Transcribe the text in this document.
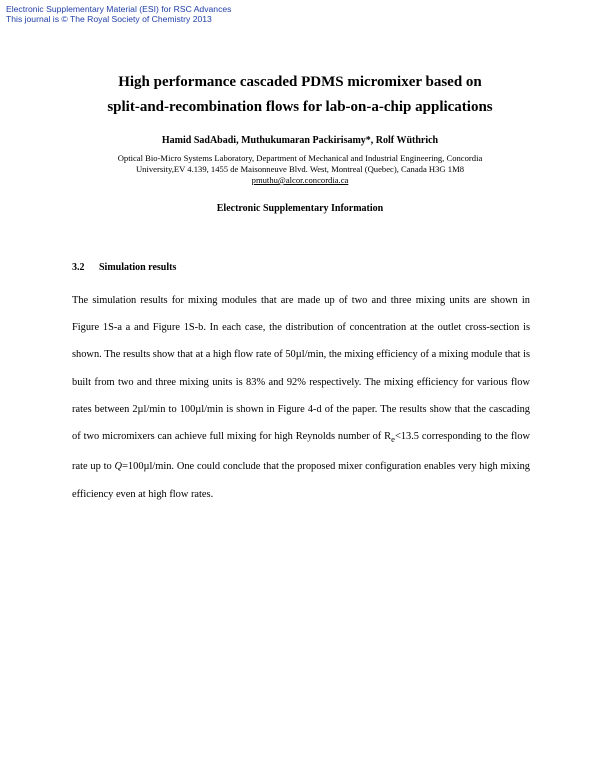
Electronic Supplementary Material (ESI) for RSC Advances
This journal is © The Royal Society of Chemistry 2013
High performance cascaded PDMS micromixer based on
split-and-recombination flows for lab-on-a-chip applications
Hamid SadAbadi, Muthukumaran Packirisamy*, Rolf Wüthrich
Optical Bio-Micro Systems Laboratory, Department of Mechanical and Industrial Engineering, Concordia
University,EV 4.139, 1455 de Maisonneuve Blvd. West, Montreal (Quebec), Canada H3G 1M8
pmuthu@alcor.concordia.ca
Electronic Supplementary Information
3.2 Simulation results

The simulation results for mixing modules that are made up of two and three mixing units are shown in Figure 1S-a a and Figure 1S-b. In each case, the distribution of concentration at the outlet cross-section is shown. The results show that at a high flow rate of 50µl/min, the mixing efficiency of a mixing module that is built from two and three mixing units is 83% and 92% respectively. The mixing efficiency for various flow rates between 2µl/min to 100µl/min is shown in Figure 4-d of the paper. The results show that the cascading of two micromixers can achieve full mixing for high Reynolds number of $R_e<13.5$ corresponding to the flow rate up to Q=100µl/min. One could conclude that the proposed mixer configuration enables very high mixing efficiency even at high flow rates.
